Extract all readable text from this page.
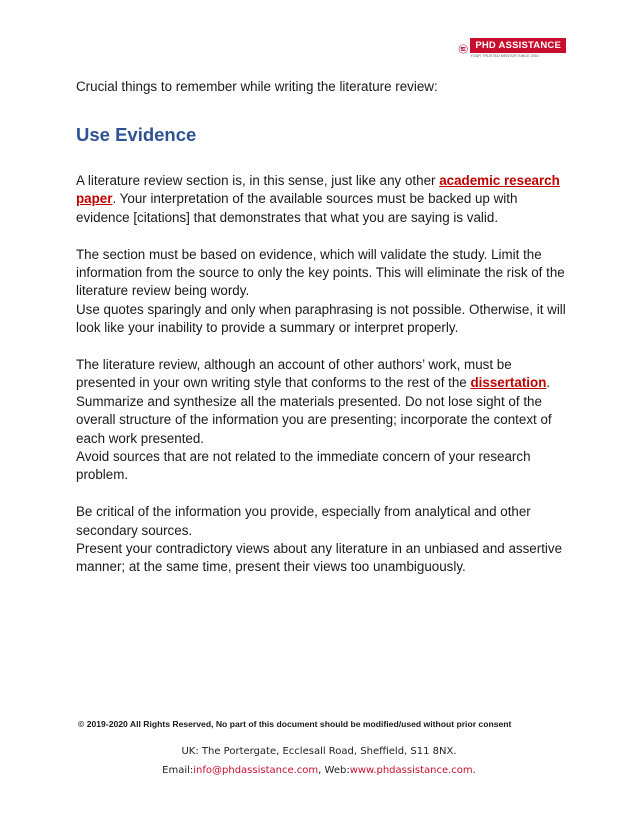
PHD ASSISTANCE
YOUR TRUSTED MENTOR SINCE 2001
Crucial things to remember while writing the literature review:
Use Evidence

A literature review section is, in this sense, just like any other academic research paper. Your interpretation of the available sources must be backed up with evidence [citations] that demonstrates that what you are saying is valid.

The section must be based on evidence, which will validate the study. Limit the information from the source to only the key points. This will eliminate the risk of the literature review being wordy.
Use quotes sparingly and only when paraphrasing is not possible. Otherwise, it will look like your inability to provide a summary or interpret properly.

The literature review, although an account of other authors’ work, must be presented in your own writing style that conforms to the rest of the dissertation. Summarize and synthesize all the materials presented. Do not lose sight of the overall structure of the information you are presenting; incorporate the context of each work presented.
Avoid sources that are not related to the immediate concern of your research problem.

Be critical of the information you provide, especially from analytical and other secondary sources.
Present your contradictory views about any literature in an unbiased and assertive manner; at the same time, present their views too unambiguously.

© 2019-2020 All Rights Reserved, No part of this document should be modified/used without prior consent
UK: The Portergate, Ecclesall Road, Sheffield, S11 8NX.
Email:info@phdassistance.com, Web:www.phdassistance.com.
